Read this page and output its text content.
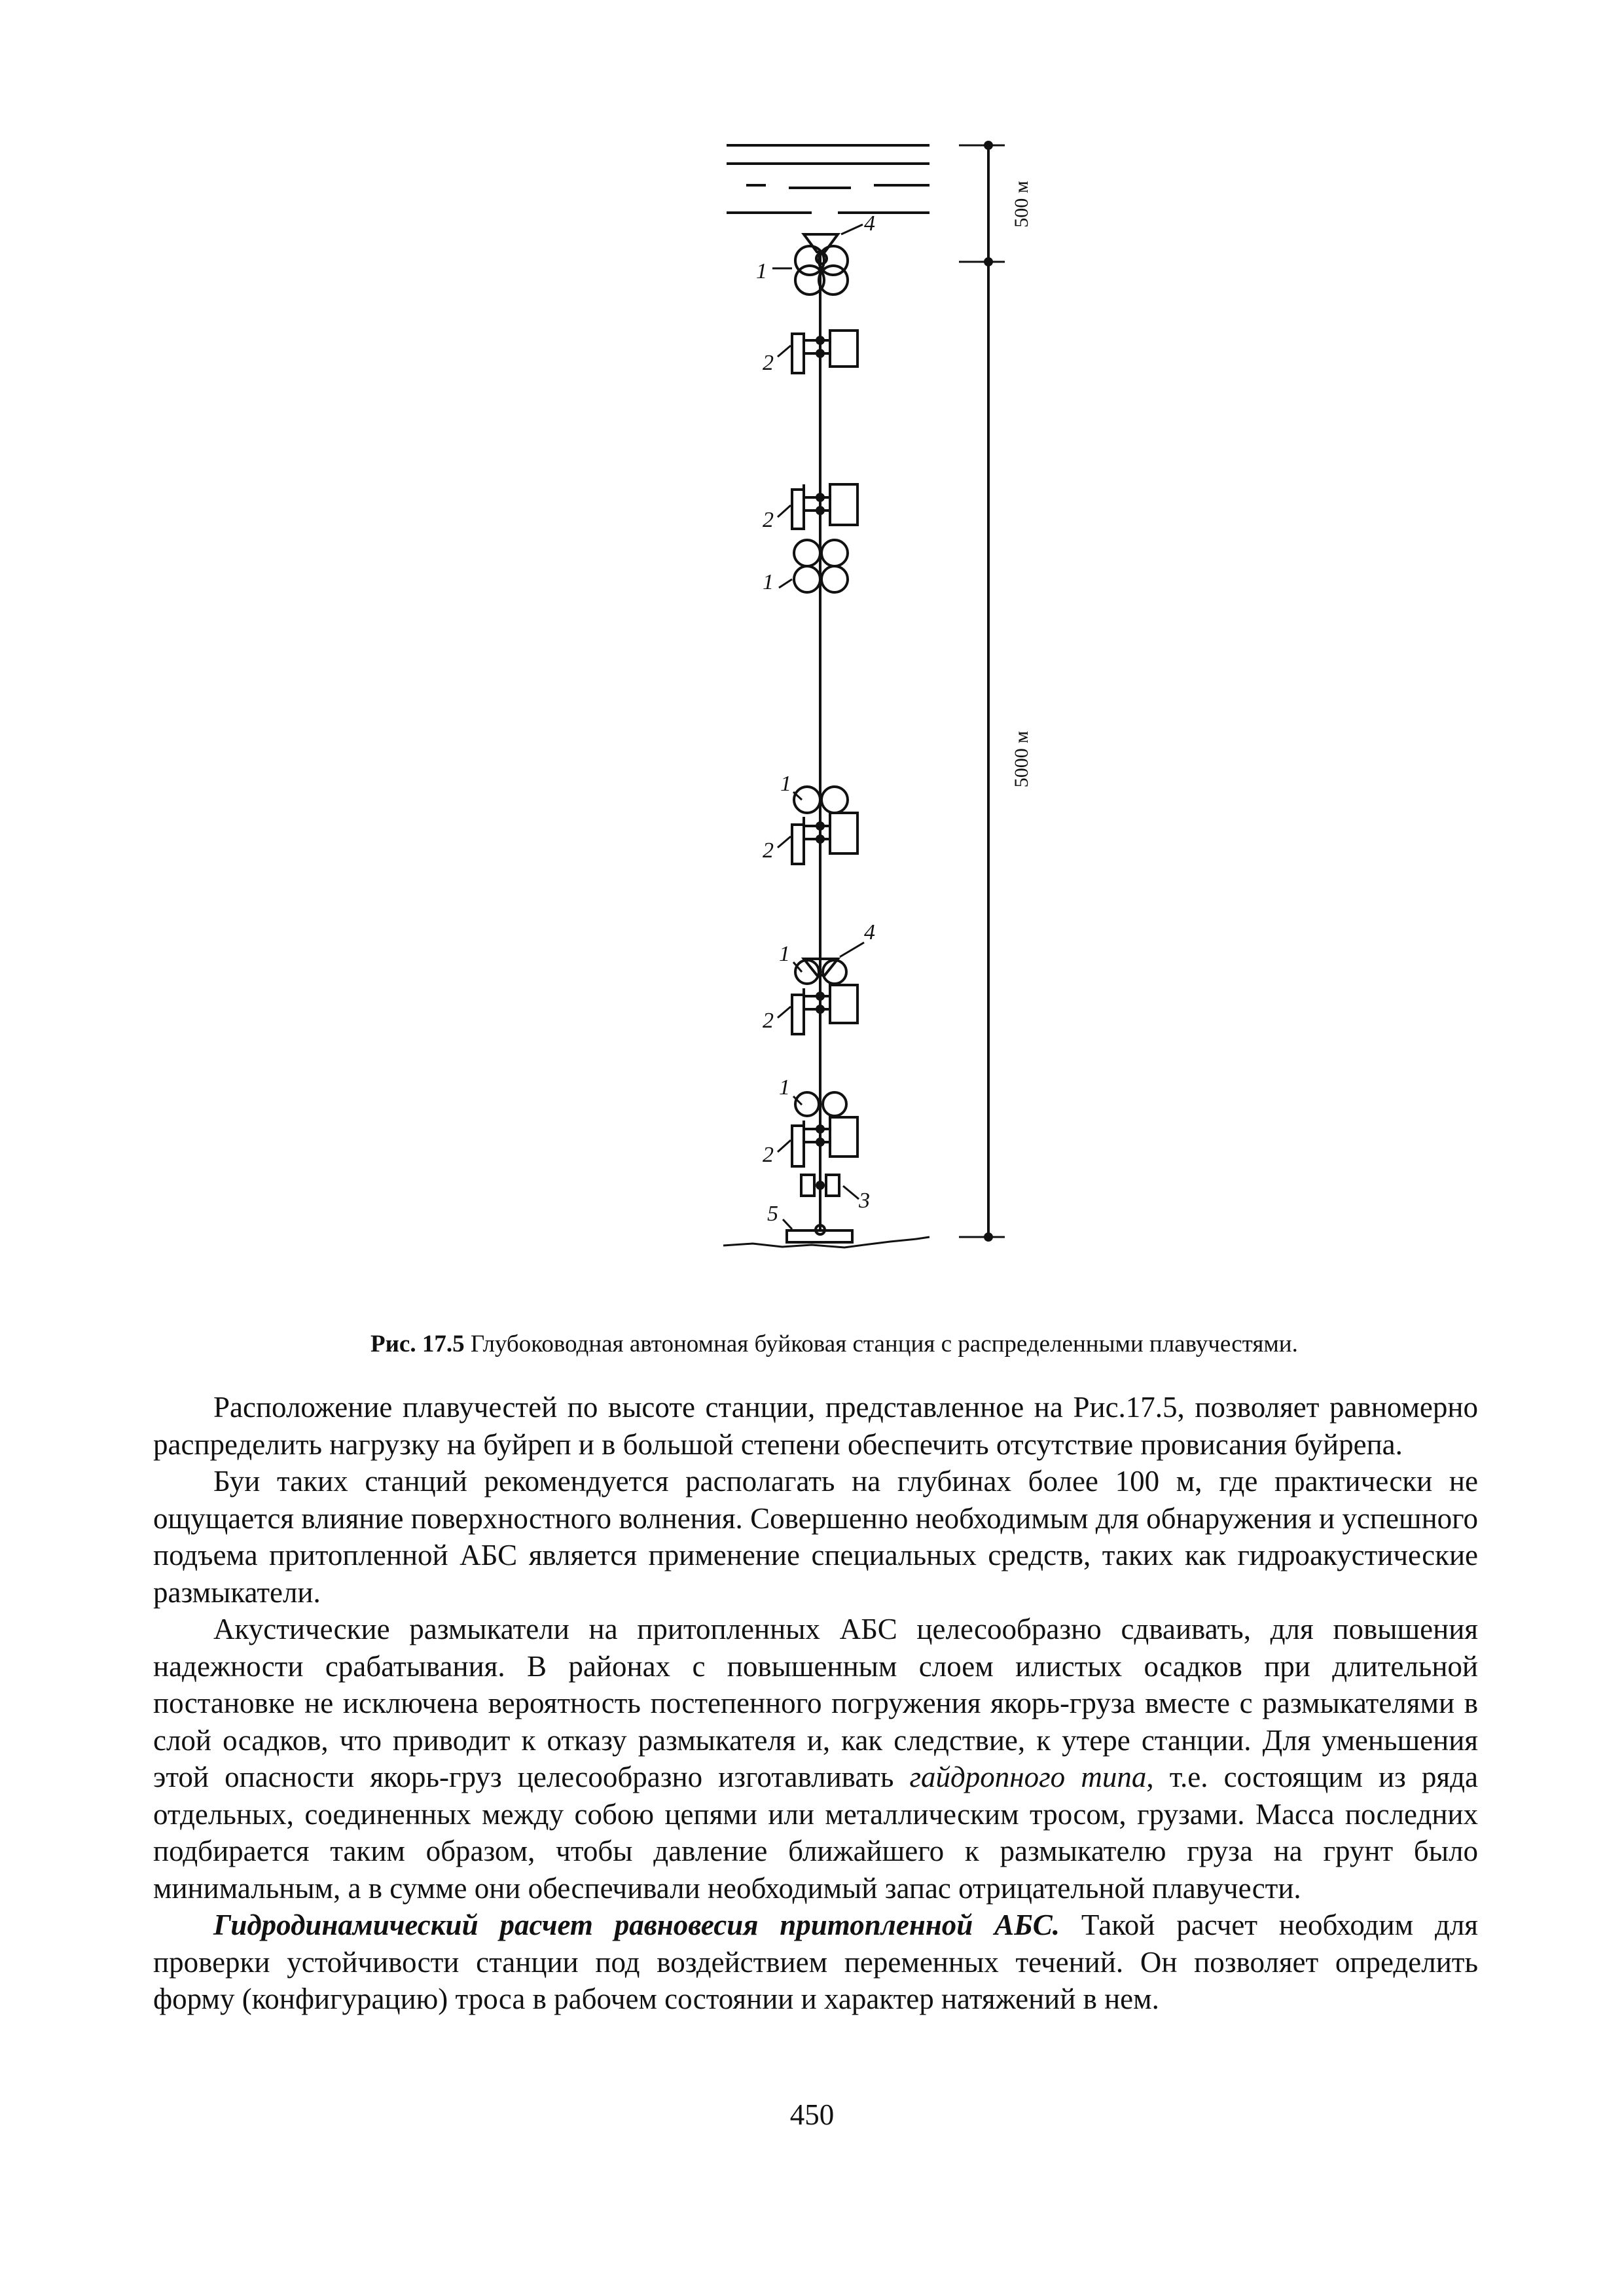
4
1
2
2
1
1
2
4
1
2
1
2
3
5
500 м
5000 м
Рис. 17.5 Глубоководная автономная буйковая станция с распределенными плавучестями.

Расположение плавучестей по высоте станции, представленное на Рис.17.5, позволяет равномерно распределить нагрузку на буйреп и в большой степени обеспечить отсутствие провисания буйрепа.

Буи таких станций рекомендуется располагать на глубинах более 100 м, где практически не ощущается влияние поверхностного волнения. Совершенно необходимым для обнаружения и успешного подъема притопленной АБС является применение специальных средств, таких как гидроакустические размыкатели.

Акустические размыкатели на притопленных АБС целесообразно сдваивать, для повышения надежности срабатывания. В районах с повышенным слоем илистых осадков при длительной постановке не исключена вероятность постепенного погружения якорь-груза вместе с размыкателями в слой осадков, что приводит к отказу размыкателя и, как следствие, к утере станции. Для уменьшения этой опасности якорь-груз целесообразно изготавливать гайдропного типа, т.е. состоящим из ряда отдельных, соединенных между собою цепями или металлическим тросом, грузами. Масса последних подбирается таким образом, чтобы давление ближайшего к размыкателю груза на грунт было минимальным, а в сумме они обеспечивали необходимый запас отрицательной плавучести.

Гидродинамический расчет равновесия притопленной АБС. Такой расчет необходим для проверки устойчивости станции под воздействием переменных течений. Он позволяет определить форму (конфигурацию) троса в рабочем состоянии и характер натяжений в нем.

450
